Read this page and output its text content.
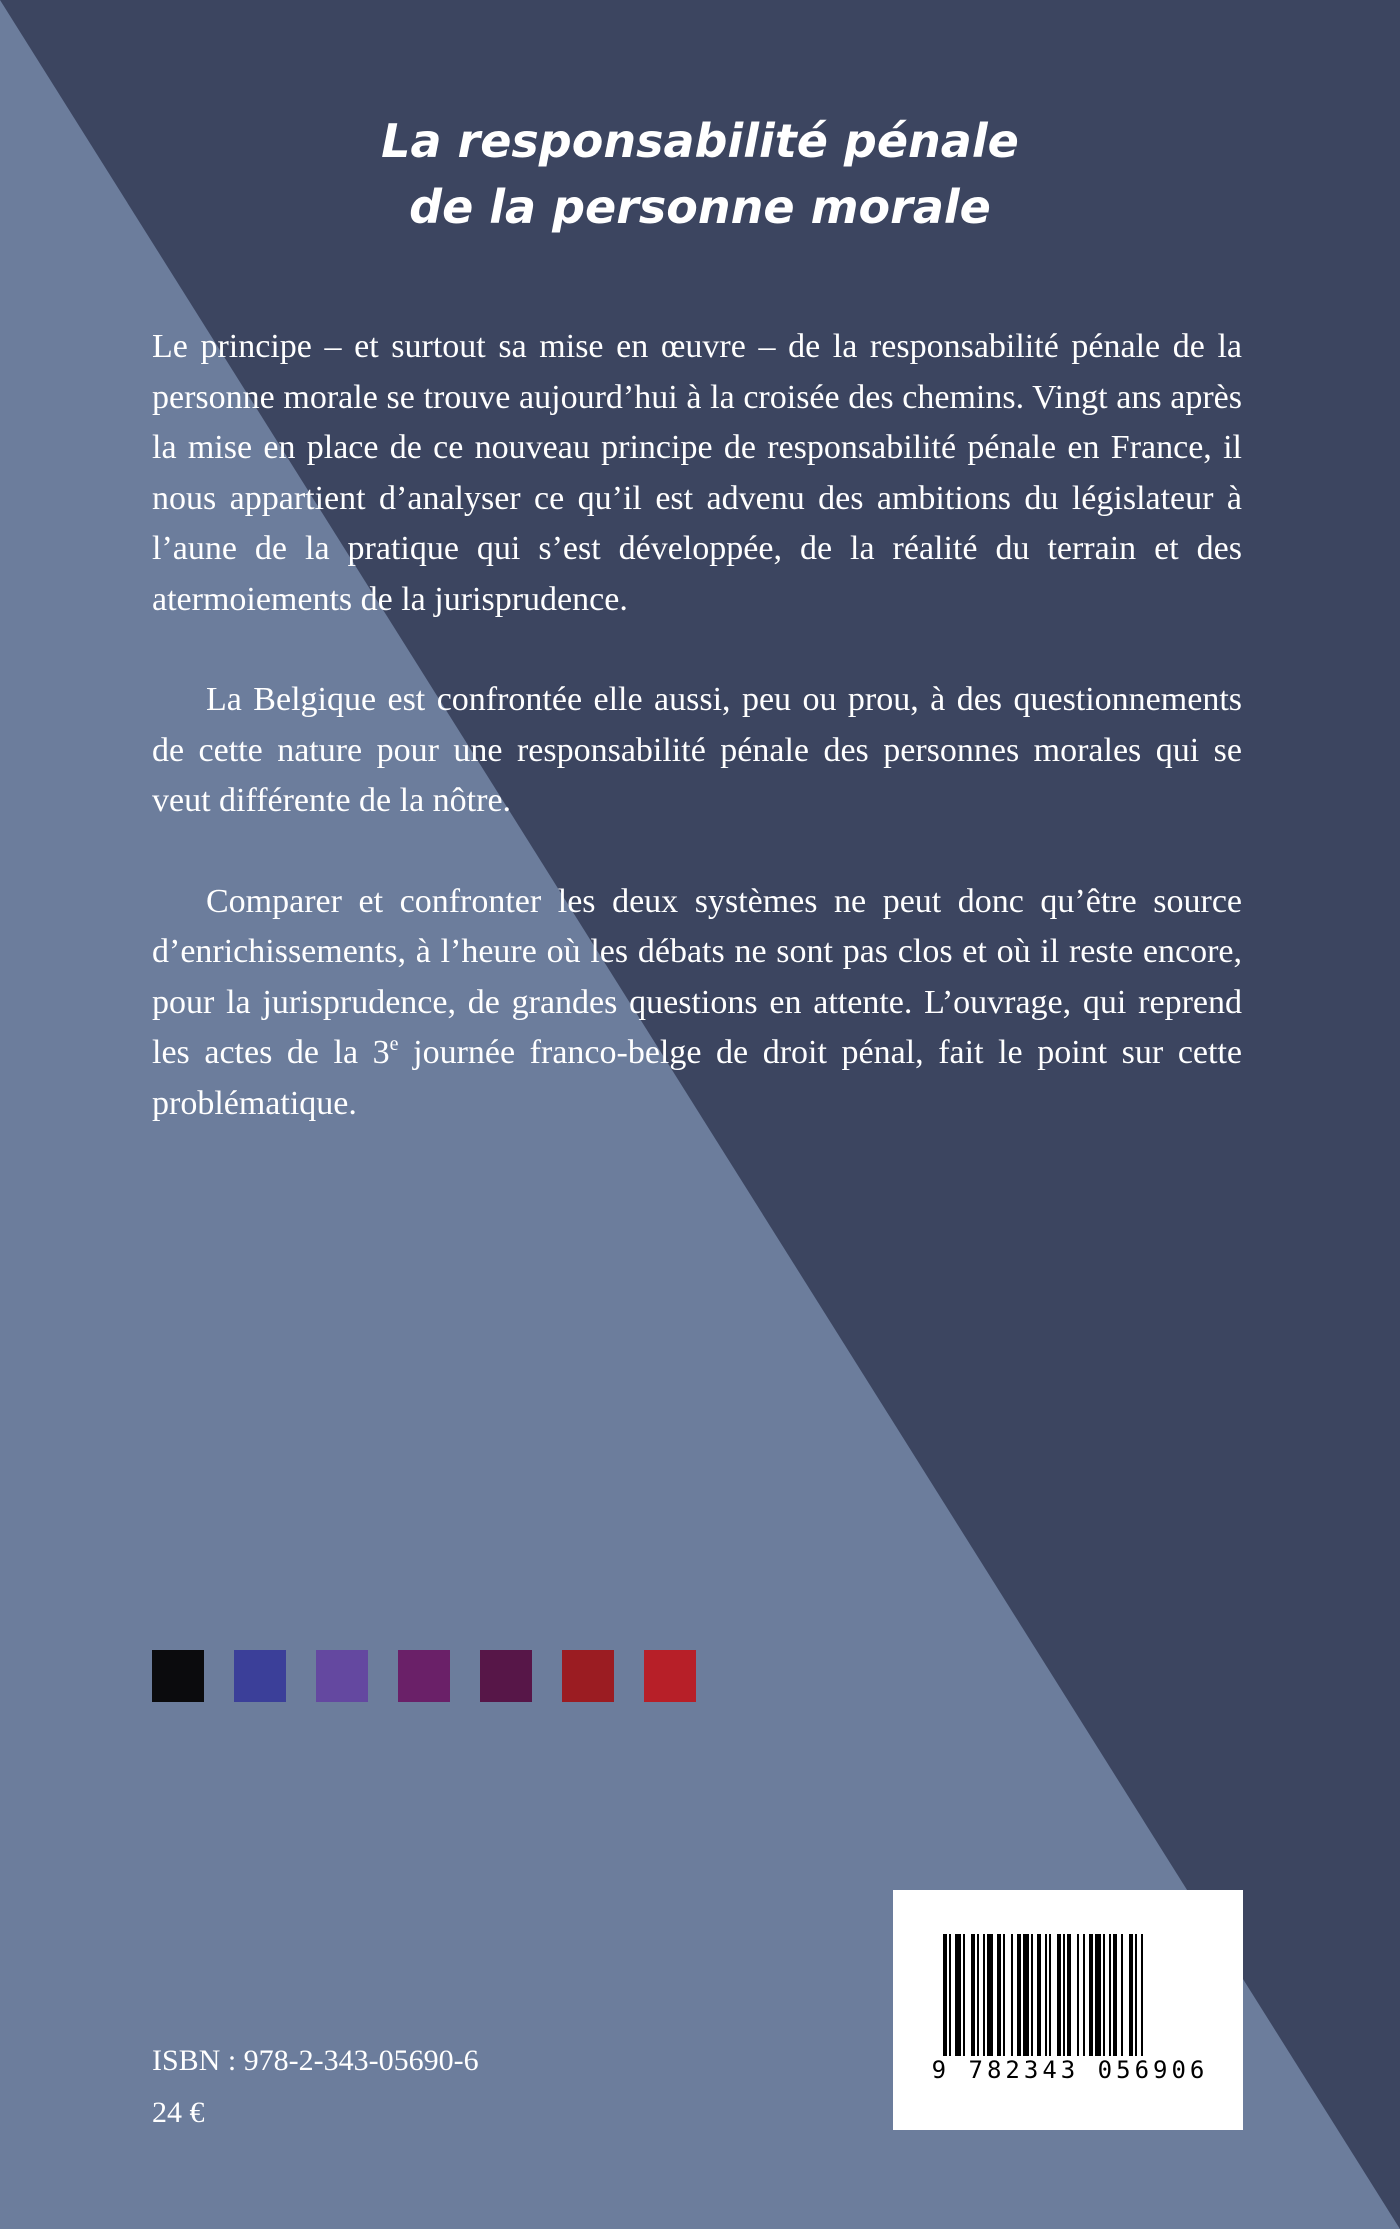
La responsabilité pénale
de la personne morale

Le principe – et surtout sa mise en œuvre – de la responsabilité pénale de la personne morale se trouve aujourd’hui à la croisée des chemins. Vingt ans après la mise en place de ce nouveau principe de responsabilité pénale en France, il nous appartient d’analyser ce qu’il est advenu des ambitions du législateur à l’aune de la pratique qui s’est développée, de la réalité du terrain et des atermoiements de la jurisprudence.

La Belgique est confrontée elle aussi, peu ou prou, à des questionnements de cette nature pour une responsabilité pénale des personnes morales qui se veut différente de la nôtre.

Comparer et confronter les deux systèmes ne peut donc qu’être source d’enrichissements, à l’heure où les débats ne sont pas clos et où il reste encore, pour la jurisprudence, de grandes questions en attente. L’ouvrage, qui reprend les actes de la 3e journée franco-belge de droit pénal, fait le point sur cette problématique.

ISBN : 978-2-343-05690-6
24 €
9 782343 056906
